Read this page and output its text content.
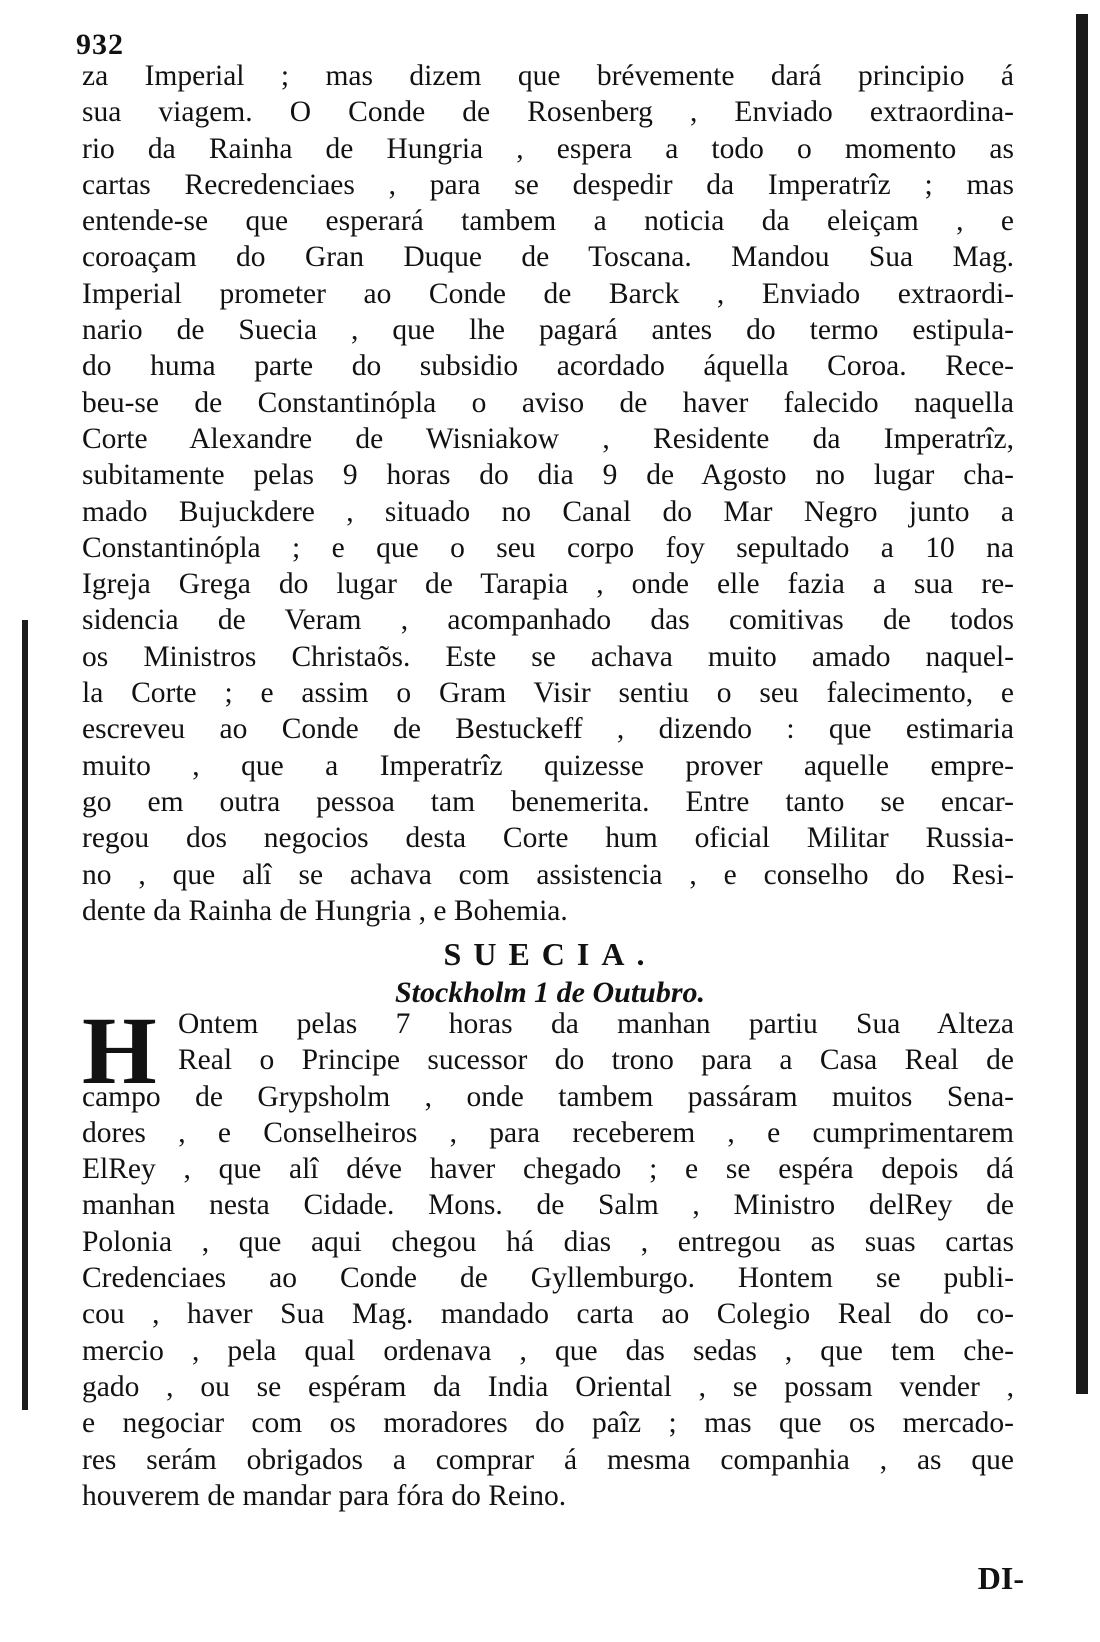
932
za Imperial ; mas dizem que brévemente dará principio á
sua viagem. O Conde de Rosenberg , Enviado extraordina-
rio da Rainha de Hungria , espera a todo o momento as
cartas Recredenciaes , para se despedir da Imperatrîz ; mas
entende-se que esperará tambem a noticia da eleiçam , e
coroaçam do Gran Duque de Toscana. Mandou Sua Mag.
Imperial prometer ao Conde de Barck , Enviado extraordi-
nario de Suecia , que lhe pagará antes do termo estipula-
do huma parte do subsidio acordado áquella Coroa. Rece-
beu-se de Constantinópla o aviso de haver falecido naquella
Corte Alexandre de Wisniakow , Residente da Imperatrîz,
subitamente pelas 9 horas do dia 9 de Agosto no lugar cha-
mado Bujuckdere , situado no Canal do Mar Negro junto a
Constantinópla ; e que o seu corpo foy sepultado a 10 na
Igreja Grega do lugar de Tarapia , onde elle fazia a sua re-
sidencia de Veram , acompanhado das comitivas de todos
os Ministros Christaõs. Este se achava muito amado naquel-
la Corte ; e assim o Gram Visir sentiu o seu falecimento, e
escreveu ao Conde de Bestuckeff , dizendo : que estimaria
muito , que a Imperatrîz quizesse prover aquelle empre-
go em outra pessoa tam benemerita. Entre tanto se encar-
regou dos negocios desta Corte hum oficial Militar Russia-
no , que alî se achava com assistencia , e conselho do Resi-
dente da Rainha de Hungria , e Bohemia.
SUECIA.
Stockholm 1 de Outubro.
H Ontem pelas 7 horas da manhan partiu Sua Alteza
Real o Principe sucessor do trono para a Casa Real de
campo de Grypsholm , onde tambem passáram muitos Sena-
dores , e Conselheiros , para receberem , e cumprimentarem
ElRey , que alî déve haver chegado ; e se espéra depois dá
manhan nesta Cidade. Mons. de Salm , Ministro delRey de
Polonia , que aqui chegou há dias , entregou as suas cartas
Credenciaes ao Conde de Gyllemburgo. Hontem se publi-
cou , haver Sua Mag. mandado carta ao Colegio Real do co-
mercio , pela qual ordenava , que das sedas , que tem che-
gado , ou se espéram da India Oriental , se possam vender ,
e negociar com os moradores do paîz ; mas que os mercado-
res serám obrigados a comprar á mesma companhia , as que
houverem de mandar para fóra do Reino.
DI-
